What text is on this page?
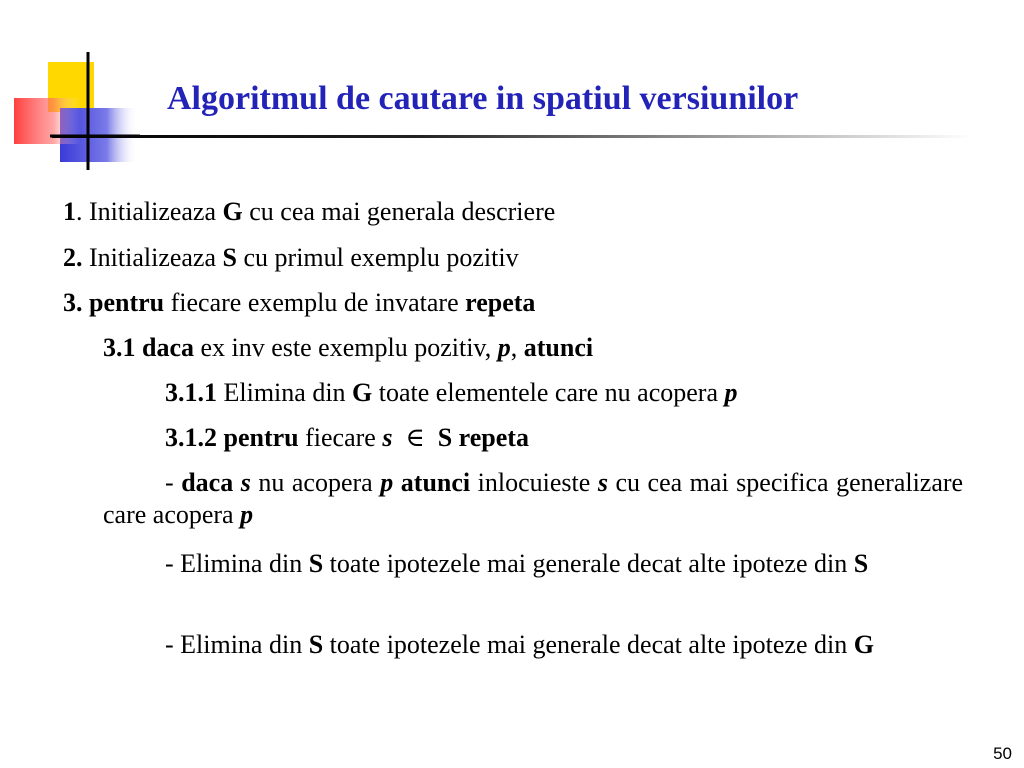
Algoritmul de cautare in spatiul versiunilor
1. Initializeaza G cu cea mai generala descriere
2. Initializeaza S cu primul exemplu pozitiv
3. pentru fiecare exemplu de invatare repeta
3.1 daca ex inv este exemplu pozitiv, p, atunci
3.1.1 Elimina din G toate elementele care nu acopera p
3.1.2 pentru fiecare s ∈ S repeta
- daca s nu acopera p atunci inlocuieste s cu cea mai specifica generalizare care acopera p
- Elimina din S toate ipotezele mai generale decat alte ipoteze din S
- Elimina din S toate ipotezele mai generale decat alte ipoteze din G
50
